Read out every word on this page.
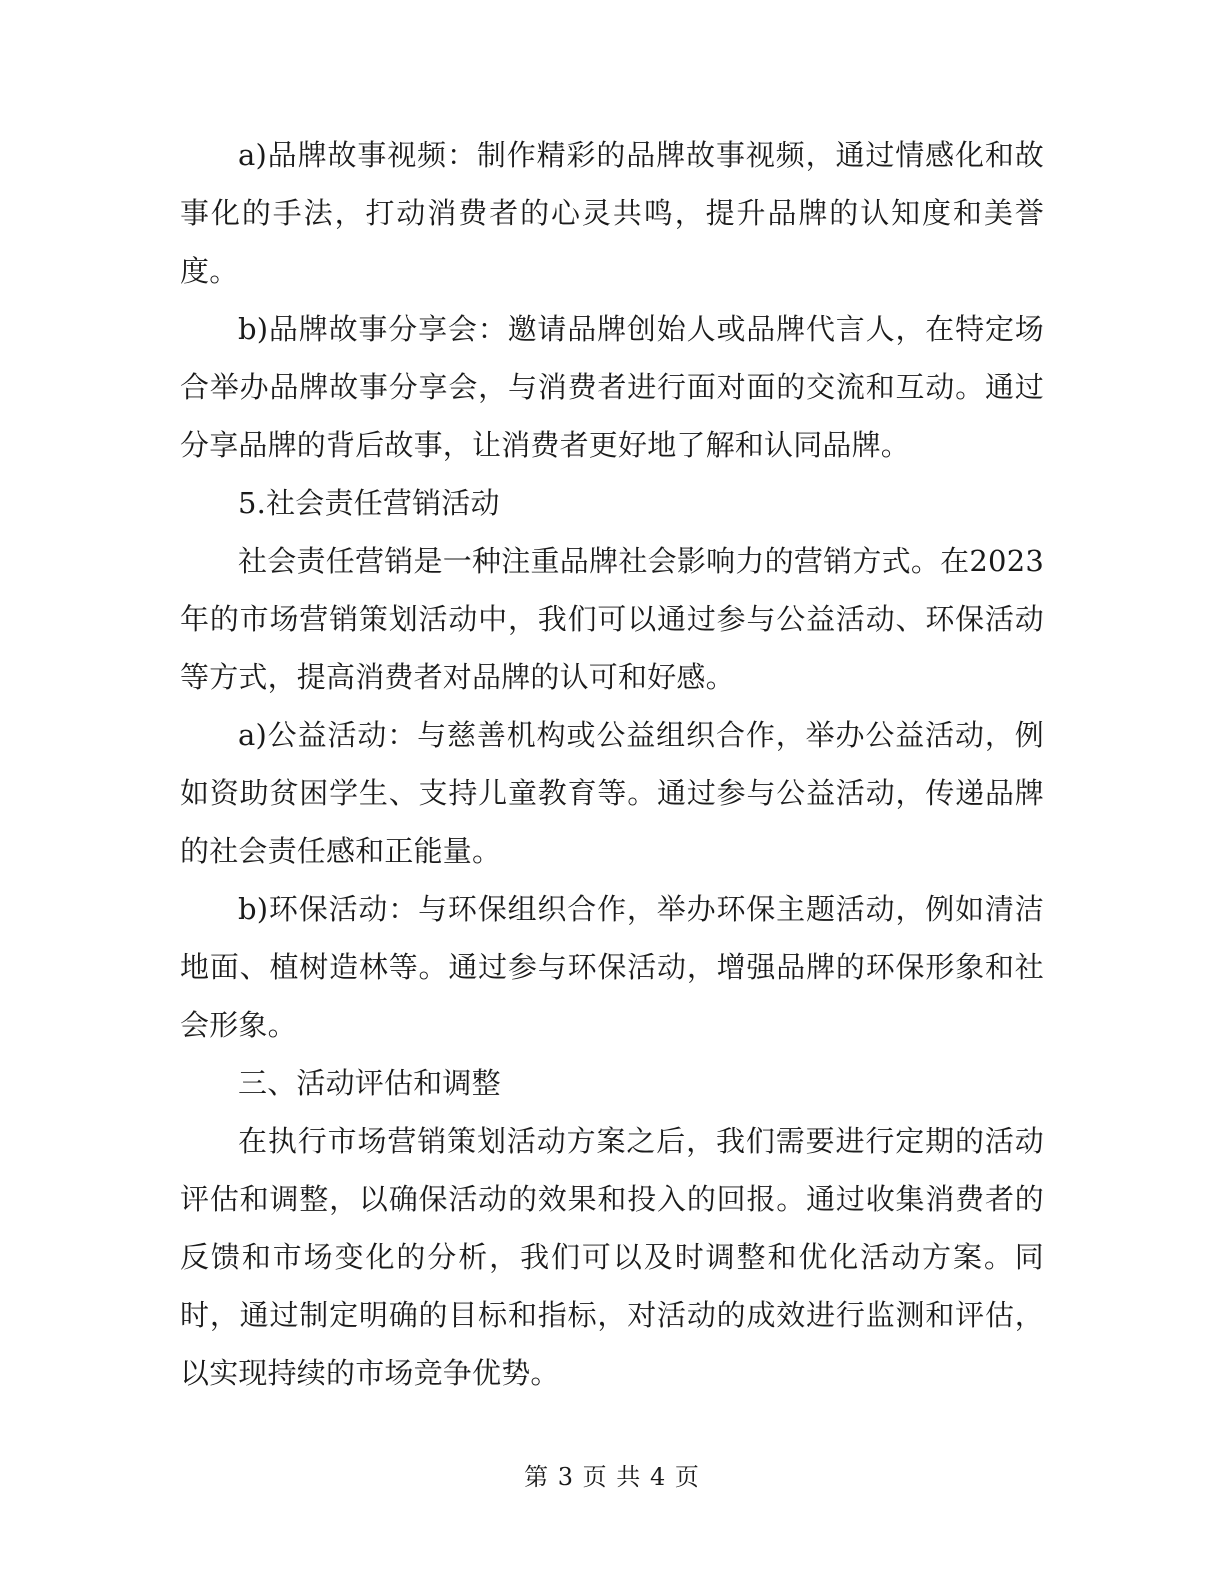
a)品牌故事视频：制作精彩的品牌故事视频，通过情感化和故事化的手法，打动消费者的心灵共鸣，提升品牌的认知度和美誉度。

b)品牌故事分享会：邀请品牌创始人或品牌代言人，在特定场合举办品牌故事分享会，与消费者进行面对面的交流和互动。通过分享品牌的背后故事，让消费者更好地了解和认同品牌。

5.社会责任营销活动

社会责任营销是一种注重品牌社会影响力的营销方式。在2023年的市场营销策划活动中，我们可以通过参与公益活动、环保活动等方式，提高消费者对品牌的认可和好感。

a)公益活动：与慈善机构或公益组织合作，举办公益活动，例如资助贫困学生、支持儿童教育等。通过参与公益活动，传递品牌的社会责任感和正能量。

b)环保活动：与环保组织合作，举办环保主题活动，例如清洁地面、植树造林等。通过参与环保活动，增强品牌的环保形象和社会形象。

三、活动评估和调整

在执行市场营销策划活动方案之后，我们需要进行定期的活动评估和调整，以确保活动的效果和投入的回报。通过收集消费者的反馈和市场变化的分析，我们可以及时调整和优化活动方案。同时，通过制定明确的目标和指标，对活动的成效进行监测和评估，以实现持续的市场竞争优势。

第 3 页 共 4 页
